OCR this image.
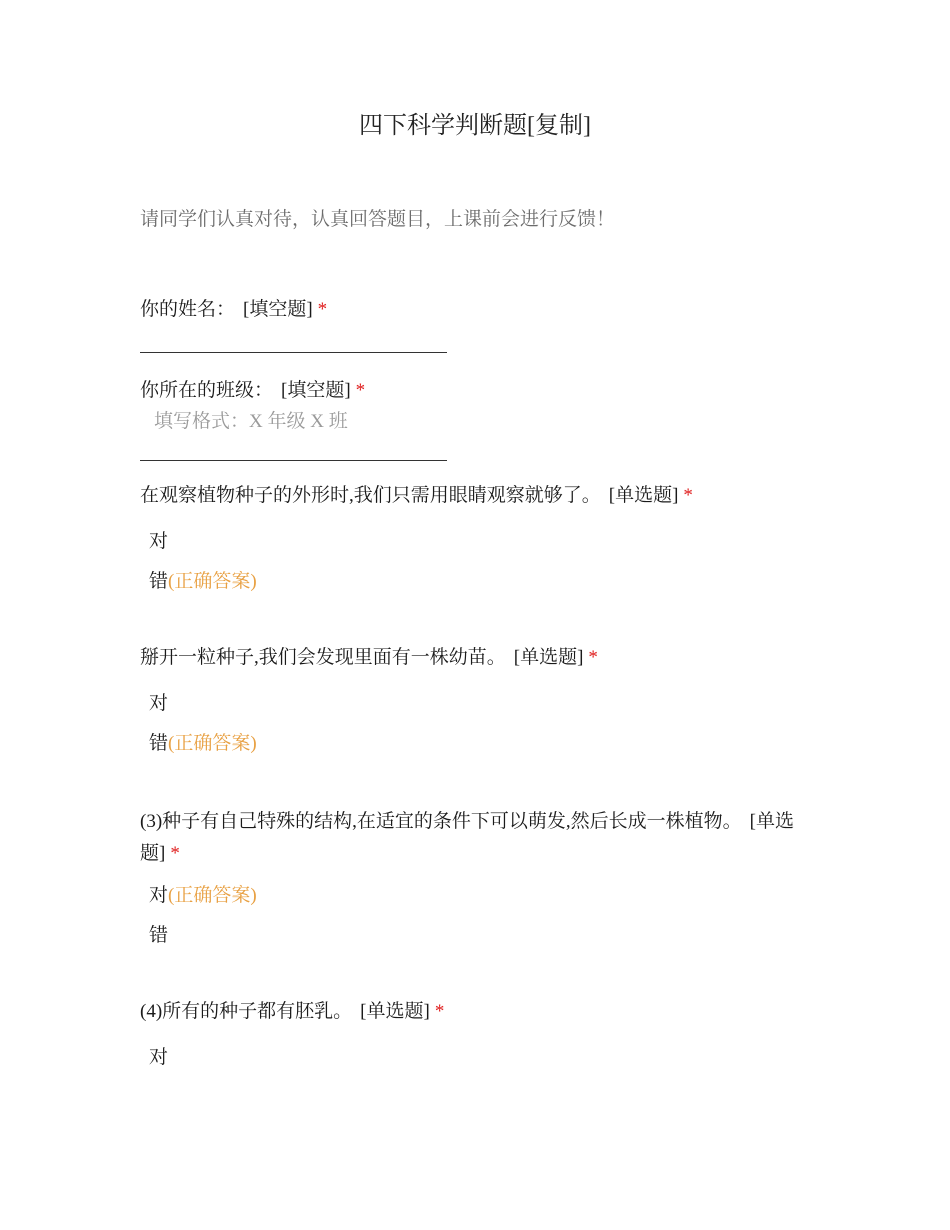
四下科学判断题[复制]
请同学们认真对待，认真回答题目，上课前会进行反馈！
你的姓名： [填空题] *
你所在的班级： [填空题] *
填写格式：X 年级 X 班
在观察植物种子的外形时,我们只需用眼睛观察就够了。 [单选题] *
对
错(正确答案)
掰开一粒种子,我们会发现里面有一株幼苗。 [单选题] *
对
错(正确答案)
(3)种子有自己特殊的结构,在适宜的条件下可以萌发,然后长成一株植物。 [单选题] *
对(正确答案)
错
(4)所有的种子都有胚乳。 [单选题] *
对
